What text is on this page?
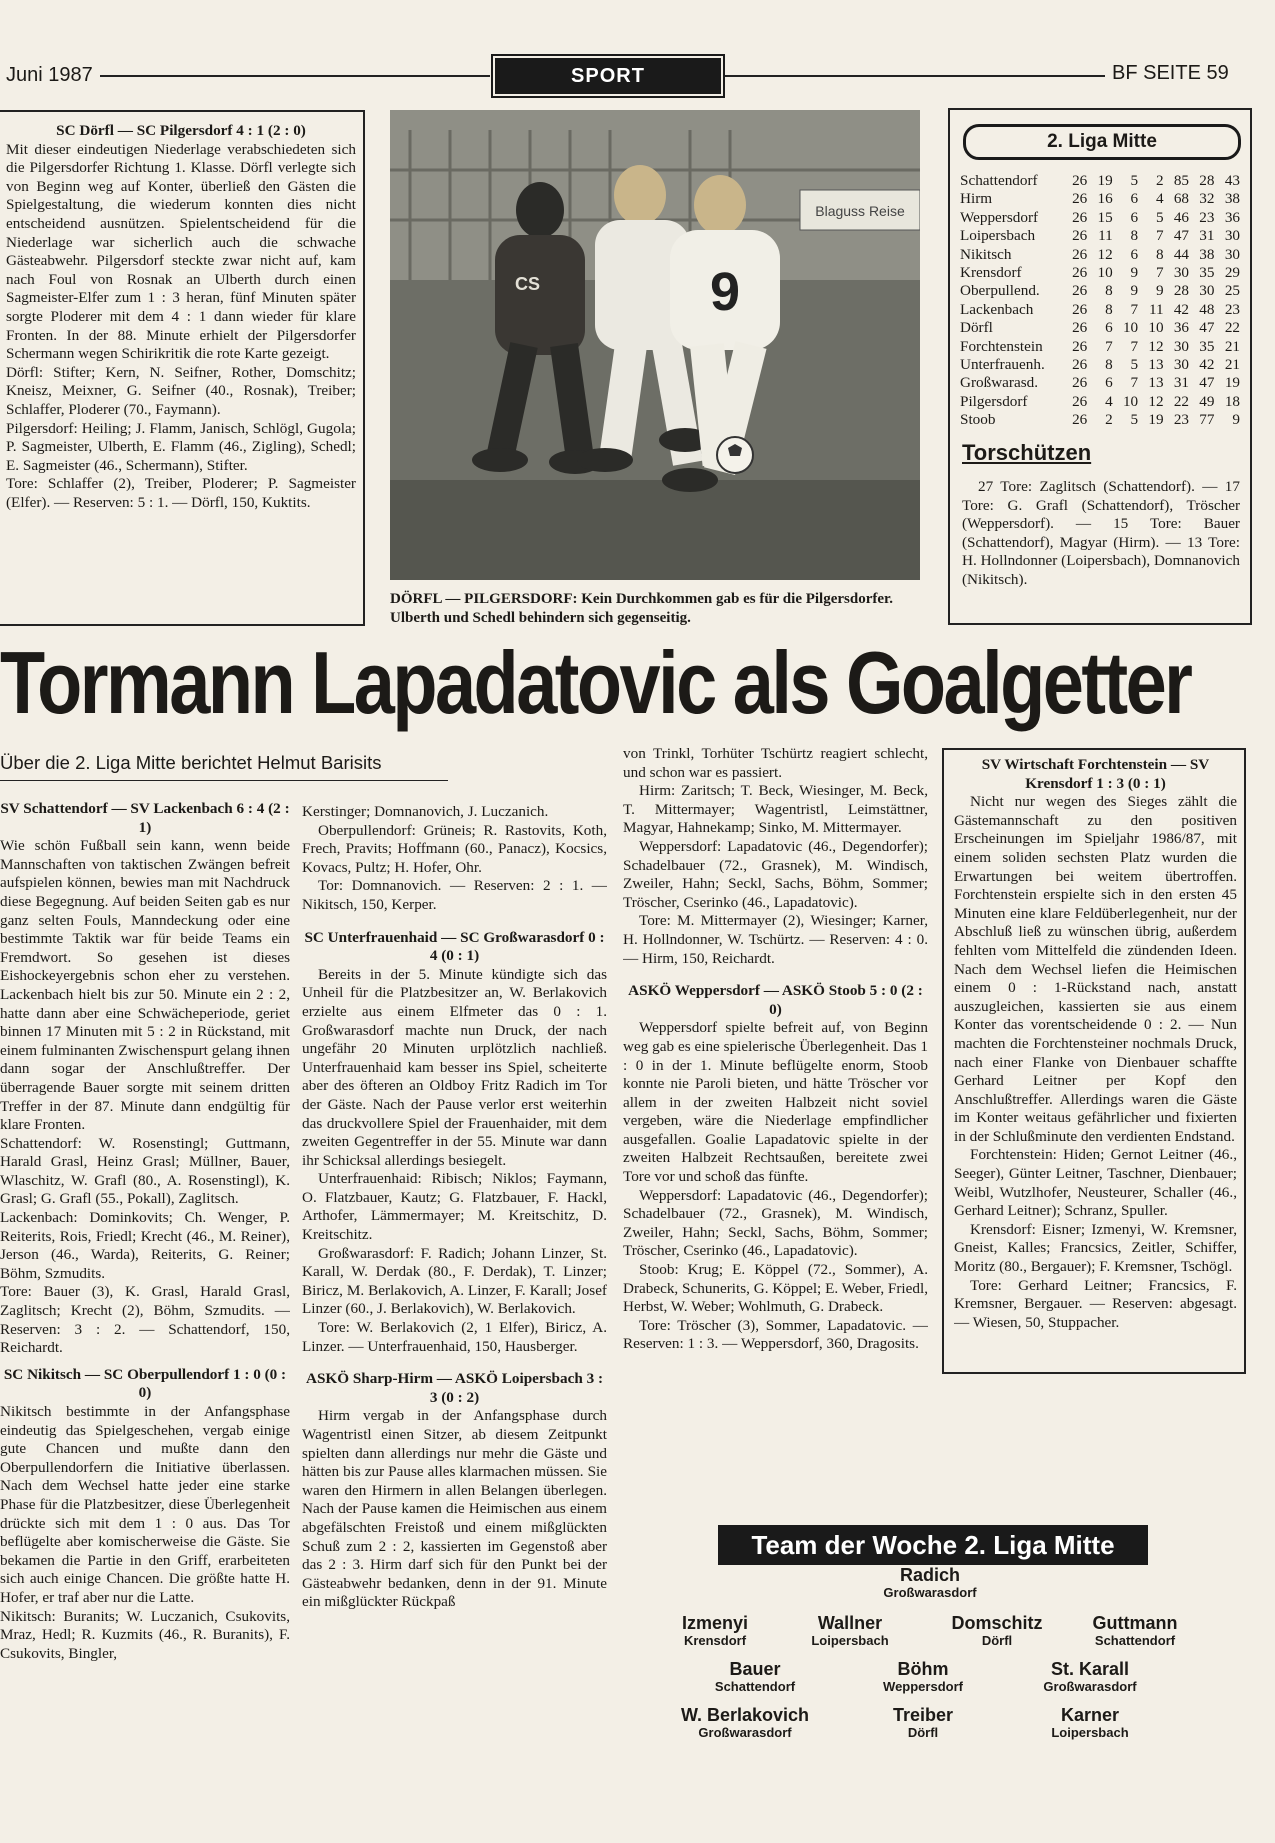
Juni 1987	SPORT	BF SEITE 59

SC Dörfl — SC Pilgersdorf 4 : 1 (2 : 0)

Mit dieser eindeutigen Niederlage verabschiedeten sich die Pilgersdorfer Richtung 1. Klasse. Dörfl verlegte sich von Beginn weg auf Konter, überließ den Gästen die Spielgestaltung, die wiederum konnten dies nicht entscheidend ausnützen. Spielentscheidend für die Niederlage war sicherlich auch die schwache Gästeabwehr. Pilgersdorf steckte zwar nicht auf, kam nach Foul von Rosnak an Ulberth durch einen Sagmeister-Elfer zum 1 : 3 heran, fünf Minuten später sorgte Ploderer mit dem 4 : 1 dann wieder für klare Fronten. In der 88. Minute erhielt der Pilgersdorfer Schermann wegen Schirikritik die rote Karte gezeigt.

Dörfl: Stifter; Kern, N. Seifner, Rother, Domschitz; Kneisz, Meixner, G. Seifner (40., Rosnak), Treiber; Schlaffer, Ploderer (70., Faymann).

Pilgersdorf: Heiling; J. Flamm, Janisch, Schlögl, Gugola; P. Sagmeister, Ulberth, E. Flamm (46., Zigling), Schedl; E. Sagmeister (46., Schermann), Stifter.

Tore: Schlaffer (2), Treiber, Ploderer; P. Sagmeister (Elfer). — Reserven: 5 : 1. — Dörfl, 150, Kuktits.

Blaguss Reise
CS	9
DÖRFL — PILGERSDORF: Kein Durchkommen gab es für die Pilgersdorfer. Ulberth und Schedl behindern sich gegenseitig.
2. Liga Mitte
Schattendorf	26	19	5	2	85	28	43
Hirm	26	16	6	4	68	32	38
Weppersdorf	26	15	6	5	46	23	36
Loipersbach	26	11	8	7	47	31	30
Nikitsch	26	12	6	8	44	38	30
Krensdorf	26	10	9	7	30	35	29
Oberpullend.	26	8	9	9	28	30	25
Lackenbach	26	8	7	11	42	48	23
Dörfl	26	6	10	10	36	47	22
Forchtenstein	26	7	7	12	30	35	21
Unterfrauenh.	26	8	5	13	30	42	21
Großwarasd.	26	6	7	13	31	47	19
Pilgersdorf	26	4	10	12	22	49	18
Stoob	26	2	5	19	23	77	9
Torschützen
27 Tore: Zaglitsch (Schattendorf). — 17 Tore: G. Grafl (Schattendorf), Tröscher (Weppersdorf). — 15 Tore: Bauer (Schattendorf), Magyar (Hirm). — 13 Tore: H. Hollndonner (Loipersbach), Domnanovich (Nikitsch).
Tormann Lapadatovic als Goalgetter
Über die 2. Liga Mitte berichtet Helmut Barisits

SV Schattendorf — SV Lackenbach 6 : 4 (2 : 1)

Wie schön Fußball sein kann, wenn beide Mannschaften von taktischen Zwängen befreit aufspielen können, bewies man mit Nachdruck diese Begegnung. Auf beiden Seiten gab es nur ganz selten Fouls, Manndeckung oder eine bestimmte Taktik war für beide Teams ein Fremdwort. So gesehen ist dieses Eishockeyergebnis schon eher zu verstehen. Lackenbach hielt bis zur 50. Minute ein 2 : 2, hatte dann aber eine Schwächeperiode, geriet binnen 17 Minuten mit 5 : 2 in Rückstand, mit einem fulminanten Zwischenspurt gelang ihnen dann sogar der Anschlußtreffer. Der überragende Bauer sorgte mit seinem dritten Treffer in der 87. Minute dann endgültig für klare Fronten.

Schattendorf: W. Rosenstingl; Guttmann, Harald Grasl, Heinz Grasl; Müllner, Bauer, Wlaschitz, W. Grafl (80., A. Rosenstingl), K. Grasl; G. Grafl (55., Pokall), Zaglitsch.

Lackenbach: Dominkovits; Ch. Wenger, P. Reiterits, Rois, Friedl; Krecht (46., M. Reiner), Jerson (46., Warda), Reiterits, G. Reiner; Böhm, Szmudits.

Tore: Bauer (3), K. Grasl, Harald Grasl, Zaglitsch; Krecht (2), Böhm, Szmudits. — Reserven: 3 : 2. — Schattendorf, 150, Reichardt.

SC Nikitsch — SC Oberpullendorf 1 : 0 (0 : 0)

Nikitsch bestimmte in der Anfangsphase eindeutig das Spielgeschehen, vergab einige gute Chancen und mußte dann den Oberpullendorfern die Initiative überlassen. Nach dem Wechsel hatte jeder eine starke Phase für die Platzbesitzer, diese Überlegenheit drückte sich mit dem 1 : 0 aus. Das Tor beflügelte aber komischerweise die Gäste. Sie bekamen die Partie in den Griff, erarbeiteten sich auch einige Chancen. Die größte hatte H. Hofer, er traf aber nur die Latte.

Nikitsch: Buranits; W. Luczanich, Csukovits, Mraz, Hedl; R. Kuzmits (46., R. Buranits), F. Csukovits, Bingler,

Kerstinger; Domnanovich, J. Luczanich.

Oberpullendorf: Grüneis; R. Rastovits, Koth, Frech, Pravits; Hoffmann (60., Panacz), Kocsics, Kovacs, Pultz; H. Hofer, Ohr.

Tor: Domnanovich. — Reserven: 2 : 1. — Nikitsch, 150, Kerper.

SC Unterfrauenhaid — SC Großwarasdorf 0 : 4 (0 : 1)

Bereits in der 5. Minute kündigte sich das Unheil für die Platzbesitzer an, W. Berlakovich erzielte aus einem Elfmeter das 0 : 1. Großwarasdorf machte nun Druck, der nach ungefähr 20 Minuten urplötzlich nachließ. Unterfrauenhaid kam besser ins Spiel, scheiterte aber des öfteren an Oldboy Fritz Radich im Tor der Gäste. Nach der Pause verlor erst weiterhin das druckvollere Spiel der Frauenhaider, mit dem zweiten Gegentreffer in der 55. Minute war dann ihr Schicksal allerdings besiegelt.

Unterfrauenhaid: Ribisch; Niklos; Faymann, O. Flatzbauer, Kautz; G. Flatzbauer, F. Hackl, Arthofer, Lämmermayer; M. Kreitschitz, D. Kreitschitz.

Großwarasdorf: F. Radich; Johann Linzer, St. Karall, W. Derdak (80., F. Derdak), T. Linzer; Biricz, M. Berlakovich, A. Linzer, F. Karall; Josef Linzer (60., J. Berlakovich), W. Berlakovich.

Tore: W. Berlakovich (2, 1 Elfer), Biricz, A. Linzer. — Unterfrauenhaid, 150, Hausberger.

ASKÖ Sharp-Hirm — ASKÖ Loipersbach 3 : 3 (0 : 2)

Hirm vergab in der Anfangsphase durch Wagentristl einen Sitzer, ab diesem Zeitpunkt spielten dann allerdings nur mehr die Gäste und hätten bis zur Pause alles klarmachen müssen. Sie waren den Hirmern in allen Belangen überlegen. Nach der Pause kamen die Heimischen aus einem abgefälschten Freistoß und einem mißglückten Schuß zum 2 : 2, kassierten im Gegenstoß aber das 2 : 3. Hirm darf sich für den Punkt bei der Gästeabwehr bedanken, denn in der 91. Minute ein mißglückter Rückpaß

von Trinkl, Torhüter Tschürtz reagiert schlecht, und schon war es passiert.

Hirm: Zaritsch; T. Beck, Wiesinger, M. Beck, T. Mittermayer; Wagentristl, Leimstättner, Magyar, Hahnekamp; Sinko, M. Mittermayer.

Weppersdorf: Lapadatovic (46., Degendorfer); Schadelbauer (72., Grasnek), M. Windisch, Zweiler, Hahn; Seckl, Sachs, Böhm, Sommer; Tröscher, Cserinko (46., Lapadatovic).

Tore: M. Mittermayer (2), Wiesinger; Karner, H. Hollndonner, W. Tschürtz. — Reserven: 4 : 0. — Hirm, 150, Reichardt.

ASKÖ Weppersdorf — ASKÖ Stoob 5 : 0 (2 : 0)

Weppersdorf spielte befreit auf, von Beginn weg gab es eine spielerische Überlegenheit. Das 1 : 0 in der 1. Minute beflügelte enorm, Stoob konnte nie Paroli bieten, und hätte Tröscher vor allem in der zweiten Halbzeit nicht soviel vergeben, wäre die Niederlage empfindlicher ausgefallen. Goalie Lapadatovic spielte in der zweiten Halbzeit Rechtsaußen, bereitete zwei Tore vor und schoß das fünfte.

Weppersdorf: Lapadatovic (46., Degendorfer); Schadelbauer (72., Grasnek), M. Windisch, Zweiler, Hahn; Seckl, Sachs, Böhm, Sommer; Tröscher, Cserinko (46., Lapadatovic).

Stoob: Krug; E. Köppel (72., Sommer), A. Drabeck, Schunerits, G. Köppel; E. Weber, Friedl, Herbst, W. Weber; Wohlmuth, G. Drabeck.

Tore: Tröscher (3), Sommer, Lapadatovic. — Reserven: 1 : 3. — Weppersdorf, 360, Dragosits.

SV Wirtschaft Forchtenstein — SV Krensdorf 1 : 3 (0 : 1)

Nicht nur wegen des Sieges zählt die Gästemannschaft zu den positiven Erscheinungen im Spieljahr 1986/87, mit einem soliden sechsten Platz wurden die Erwartungen bei weitem übertroffen. Forchtenstein erspielte sich in den ersten 45 Minuten eine klare Feldüberlegenheit, nur der Abschluß ließ zu wünschen übrig, außerdem fehlten vom Mittelfeld die zündenden Ideen. Nach dem Wechsel liefen die Heimischen einem 0 : 1-Rückstand nach, anstatt auszugleichen, kassierten sie aus einem Konter das vorentscheidende 0 : 2. — Nun machten die Forchtensteiner nochmals Druck, nach einer Flanke von Dienbauer schaffte Gerhard Leitner per Kopf den Anschlußtreffer. Allerdings waren die Gäste im Konter weitaus gefährlicher und fixierten in der Schlußminute den verdienten Endstand.

Forchtenstein: Hiden; Gernot Leitner (46., Seeger), Günter Leitner, Taschner, Dienbauer; Weibl, Wutzlhofer, Neusteurer, Schaller (46., Gerhard Leitner); Schranz, Spuller.

Krensdorf: Eisner; Izmenyi, W. Kremsner, Gneist, Kalles; Francsics, Zeitler, Schiffer, Moritz (80., Bergauer); F. Kremsner, Tschögl.

Tore: Gerhard Leitner; Francsics, F. Kremsner, Bergauer. — Reserven: abgesagt. — Wiesen, 50, Stuppacher.

Team der Woche 2. Liga Mitte
Radich
Großwarasdorf
Izmenyi
Krensdorf
Wallner
Loipersbach
Domschitz
Dörfl
Guttmann
Schattendorf
Bauer
Schattendorf
Böhm
Weppersdorf
St. Karall
Großwarasdorf
W. Berlakovich
Großwarasdorf
Treiber
Dörfl
Karner
Loipersbach
